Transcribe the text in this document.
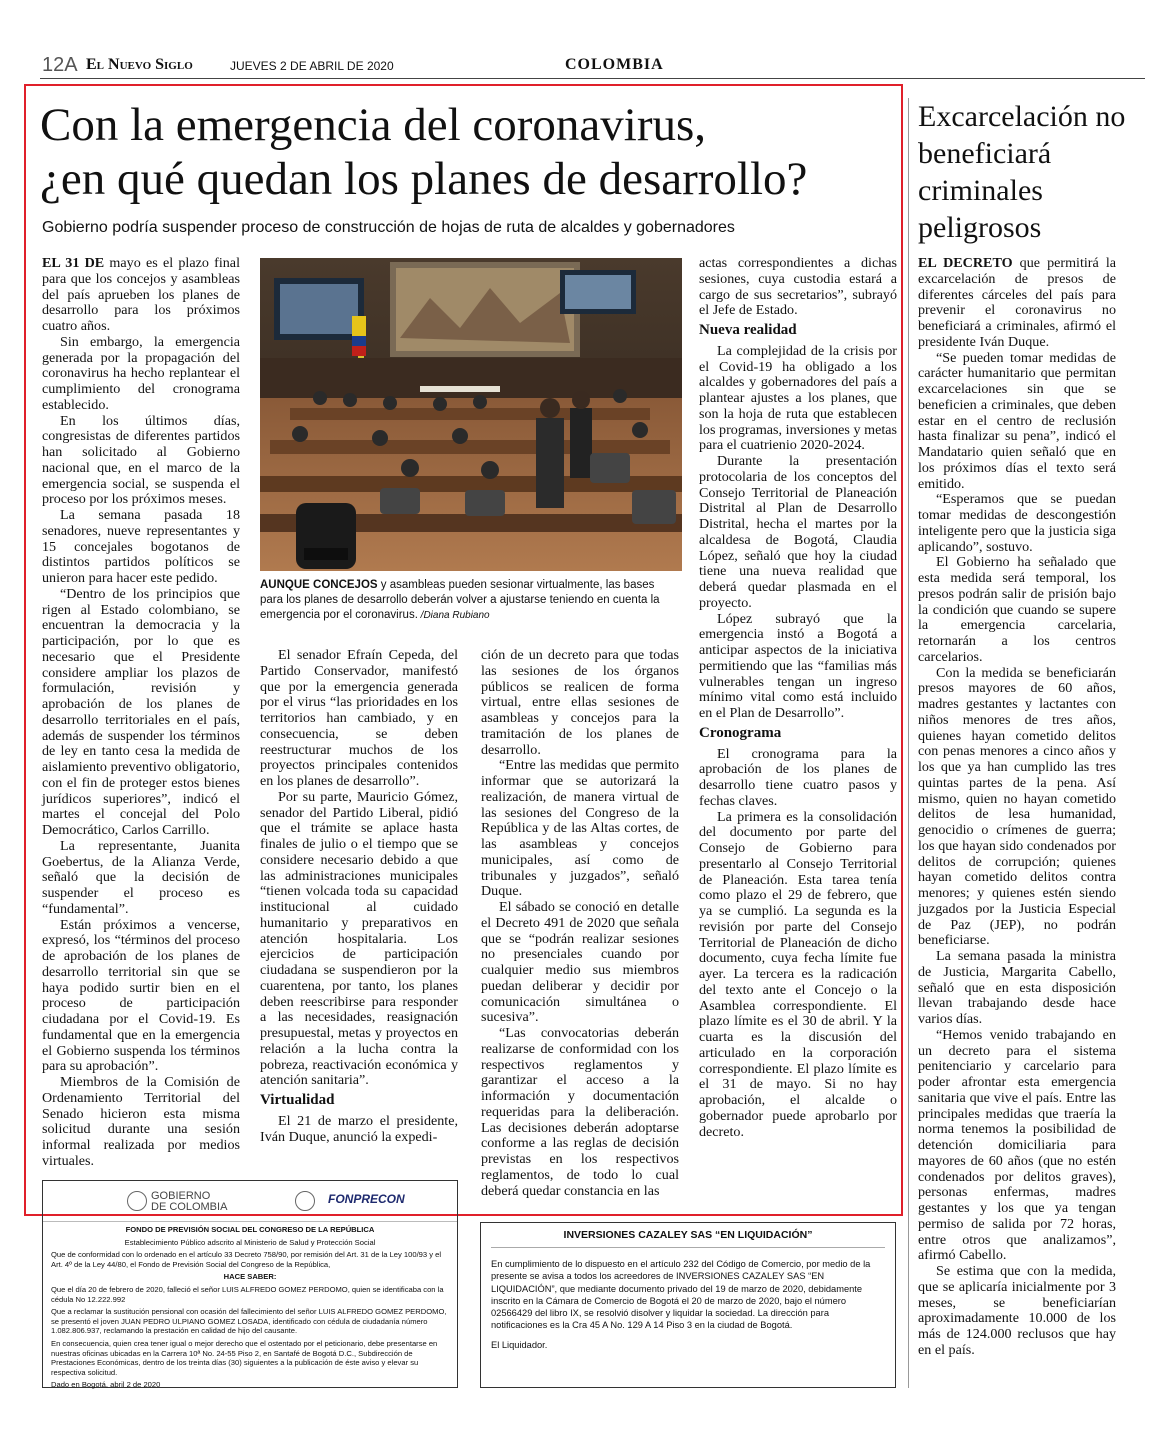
12A El Nuevo Siglo	JUEVES 2 DE ABRIL DE 2020	COLOMBIA
Con la emergencia del coronavirus,
¿en qué quedan los planes de desarrollo?

Gobierno podría suspender proceso de construcción de hojas de ruta de alcaldes y gobernadores

EL 31 DE mayo es el plazo final para que los concejos y asambleas del país aprueben los planes de desarrollo para los próximos cuatro años.

Sin embargo, la emergencia generada por la propagación del coronavirus ha hecho replantear el cumplimiento del cronograma establecido.

En los últimos días, congresistas de diferentes partidos han solicitado al Gobierno nacional que, en el marco de la emergencia social, se suspenda el proceso por los próximos meses.

La semana pasada 18 senadores, nueve representantes y 15 concejales bogotanos de distintos partidos políticos se unieron para hacer este pedido.

“Dentro de los principios que rigen al Estado colombiano, se encuentran la democracia y la participación, por lo que es necesario que el Presidente considere ampliar los plazos de formulación, revisión y aprobación de los planes de desarrollo territoriales en el país, además de suspender los términos de ley en tanto cesa la medida de aislamiento preventivo obligatorio, con el fin de proteger estos bienes jurídicos superiores”, indicó el martes el concejal del Polo Democrático, Carlos Carrillo.

La representante, Juanita Goebertus, de la Alianza Verde, señaló que la decisión de suspender el proceso es “fundamental”.

Están próximos a vencerse, expresó, los “términos del proceso de aprobación de los planes de desarrollo territorial sin que se haya podido surtir bien en el proceso de participación ciudadana por el Covid-19. Es fundamental que en la emergencia el Gobierno suspenda los términos para su aprobación”.

Miembros de la Comisión de Ordenamiento Territorial del Senado hicieron esta misma solicitud durante una sesión informal realizada por medios virtuales.

AUNQUE CONCEJOS y asambleas pueden sesionar virtualmente, las bases para los planes de desarrollo deberán volver a ajustarse teniendo en cuenta la emergencia por el coronavirus. /Diana Rubiano

El senador Efraín Cepeda, del Partido Conservador, manifestó que por la emergencia generada por el virus “las prioridades en los territorios han cambiado, y en consecuencia, se deben reestructurar muchos de los proyectos principales contenidos en los planes de desarrollo”.

Por su parte, Mauricio Gómez, senador del Partido Liberal, pidió que el trámite se aplace hasta finales de julio o el tiempo que se considere necesario debido a que las administraciones municipales “tienen volcada toda su capacidad institucional al cuidado humanitario y preparativos en atención hospitalaria. Los ejercicios de participación ciudadana se suspendieron por la cuarentena, por tanto, los planes deben reescribirse para responder a las necesidades, reasignación presupuestal, metas y proyectos en relación a la lucha contra la pobreza, reactivación económica y atención sanitaria”.

Virtualidad

El 21 de marzo el presidente, Iván Duque, anunció la expedi-

ción de un decreto para que todas las sesiones de los órganos públicos se realicen de forma virtual, entre ellas sesiones de asambleas y concejos para la tramitación de los planes de desarrollo.

“Entre las medidas que permito informar que se autorizará la realización, de manera virtual de las sesiones del Congreso de la República y de las Altas cortes, de las asambleas y concejos municipales, así como de tribunales y juzgados”, señaló Duque.

El sábado se conoció en detalle el Decreto 491 de 2020 que señala que se “podrán realizar sesiones no presenciales cuando por cualquier medio sus miembros puedan deliberar y decidir por comunicación simultánea o sucesiva”.

“Las convocatorias deberán realizarse de conformidad con los respectivos reglamentos y garantizar el acceso a la información y documentación requeridas para la deliberación. Las decisiones deberán adoptarse conforme a las reglas de decisión previstas en los respectivos reglamentos, de todo lo cual deberá quedar constancia en las

actas correspondientes a dichas sesiones, cuya custodia estará a cargo de sus secretarios”, subrayó el Jefe de Estado.

Nueva realidad

La complejidad de la crisis por el Covid-19 ha obligado a los alcaldes y gobernadores del país a plantear ajustes a los planes, que son la hoja de ruta que establecen los programas, inversiones y metas para el cuatrienio 2020-2024.

Durante la presentación protocolaria de los conceptos del Consejo Territorial de Planeación Distrital al Plan de Desarrollo Distrital, hecha el martes por la alcaldesa de Bogotá, Claudia López, señaló que hoy la ciudad tiene una nueva realidad que deberá quedar plasmada en el proyecto.

López subrayó que la emergencia instó a Bogotá a anticipar aspectos de la iniciativa permitiendo que las “familias más vulnerables tengan un ingreso mínimo vital como está incluido en el Plan de Desarrollo”.

Cronograma

El cronograma para la aprobación de los planes de desarrollo tiene cuatro pasos y fechas claves.

La primera es la consolidación del documento por parte del Consejo de Gobierno para presentarlo al Consejo Territorial de Planeación. Esta tarea tenía como plazo el 29 de febrero, que ya se cumplió. La segunda es la revisión por parte del Consejo Territorial de Planeación de dicho documento, cuya fecha límite fue ayer. La tercera es la radicación del texto ante el Concejo o la Asamblea correspondiente. El plazo límite es el 30 de abril. Y la cuarta es la discusión del articulado en la corporación correspondiente. El plazo límite es el 31 de mayo. Si no hay aprobación, el alcalde o gobernador puede aprobarlo por decreto.

Excarcelación no beneficiará criminales peligrosos

EL DECRETO que permitirá la excarcelación de presos de diferentes cárceles del país para prevenir el coronavirus no beneficiará a criminales, afirmó el presidente Iván Duque.

“Se pueden tomar medidas de carácter humanitario que permitan excarcelaciones sin que se beneficien a criminales, que deben estar en el centro de reclusión hasta finalizar su pena”, indicó el Mandatario quien señaló que en los próximos días el texto será emitido.

“Esperamos que se puedan tomar medidas de descongestión inteligente pero que la justicia siga aplicando”, sostuvo.

El Gobierno ha señalado que esta medida será temporal, los presos podrán salir de prisión bajo la condición que cuando se supere la emergencia carcelaria, retornarán a los centros carcelarios.

Con la medida se beneficiarán presos mayores de 60 años, madres gestantes y lactantes con niños menores de tres años, quienes hayan cometido delitos con penas menores a cinco años y los que ya han cumplido las tres quintas partes de la pena. Así mismo, quien no hayan cometido delitos de lesa humanidad, genocidio o crímenes de guerra; los que hayan sido condenados por delitos de corrupción; quienes hayan cometido delitos contra menores; y quienes estén siendo juzgados por la Justicia Especial de Paz (JEP), no podrán beneficiarse.

La semana pasada la ministra de Justicia, Margarita Cabello, señaló que en esta disposición llevan trabajando desde hace varios días.

“Hemos venido trabajando en un decreto para el sistema penitenciario y carcelario para poder afrontar esta emergencia sanitaria que vive el país. Entre las principales medidas que traería la norma tenemos la posibilidad de detención domiciliaria para mayores de 60 años (que no estén condenados por delitos graves), personas enfermas, madres gestantes y los que ya tengan permiso de salida por 72 horas, entre otros que analizamos”, afirmó Cabello.

Se estima que con la medida, que se aplicaría inicialmente por 3 meses, se beneficiarían aproximadamente 10.000 de los más de 124.000 reclusos que hay en el país.

GOBIERNO
DE COLOMBIA
FONPRECON

FONDO DE PREVISIÓN SOCIAL DEL CONGRESO DE LA REPÚBLICA

Establecimiento Público adscrito al Ministerio de Salud y Protección Social

Que de conformidad con lo ordenado en el artículo 33 Decreto 758/90, por remisión del Art. 31 de la Ley 100/93 y el Art. 4º de la Ley 44/80, el Fondo de Previsión Social del Congreso de la República,

HACE SABER:

Que el día 20 de febrero de 2020, falleció el señor LUIS ALFREDO GOMEZ PERDOMO, quien se identificaba con la cédula No 12.222.992

Que a reclamar la sustitución pensional con ocasión del fallecimiento del señor LUIS ALFREDO GOMEZ PERDOMO, se presentó el joven JUAN PEDRO ULPIANO GOMEZ LOSADA, identificado con cédula de ciudadanía número 1.082.806.937, reclamando la prestación en calidad de hijo del causante.

En consecuencia, quien crea tener igual o mejor derecho que el ostentado por el peticionario, debe presentarse en nuestras oficinas ubicadas en la Carrera 10ª No. 24-55 Piso 2, en Santafé de Bogotá D.C., Subdirección de Prestaciones Económicas, dentro de los treinta días (30) siguientes a la publicación de éste aviso y elevar su respectiva solicitud.

Dado en Bogotá, abril 2 de 2020

INVERSIONES CAZALEY SAS “EN LIQUIDACIÓN”

En cumplimiento de lo dispuesto en el artículo 232 del Código de Comercio, por medio de la presente se avisa a todos los acreedores de INVERSIONES CAZALEY SAS “EN LIQUIDACIÓN”, que mediante documento privado del 19 de marzo de 2020, debidamente inscrito en la Cámara de Comercio de Bogotá el 20 de marzo de 2020, bajo el número 02566429 del libro IX, se resolvió disolver y liquidar la sociedad. La dirección para notificaciones es la Cra 45 A No. 129 A 14 Piso 3 en la ciudad de Bogotá.

El Liquidador.
